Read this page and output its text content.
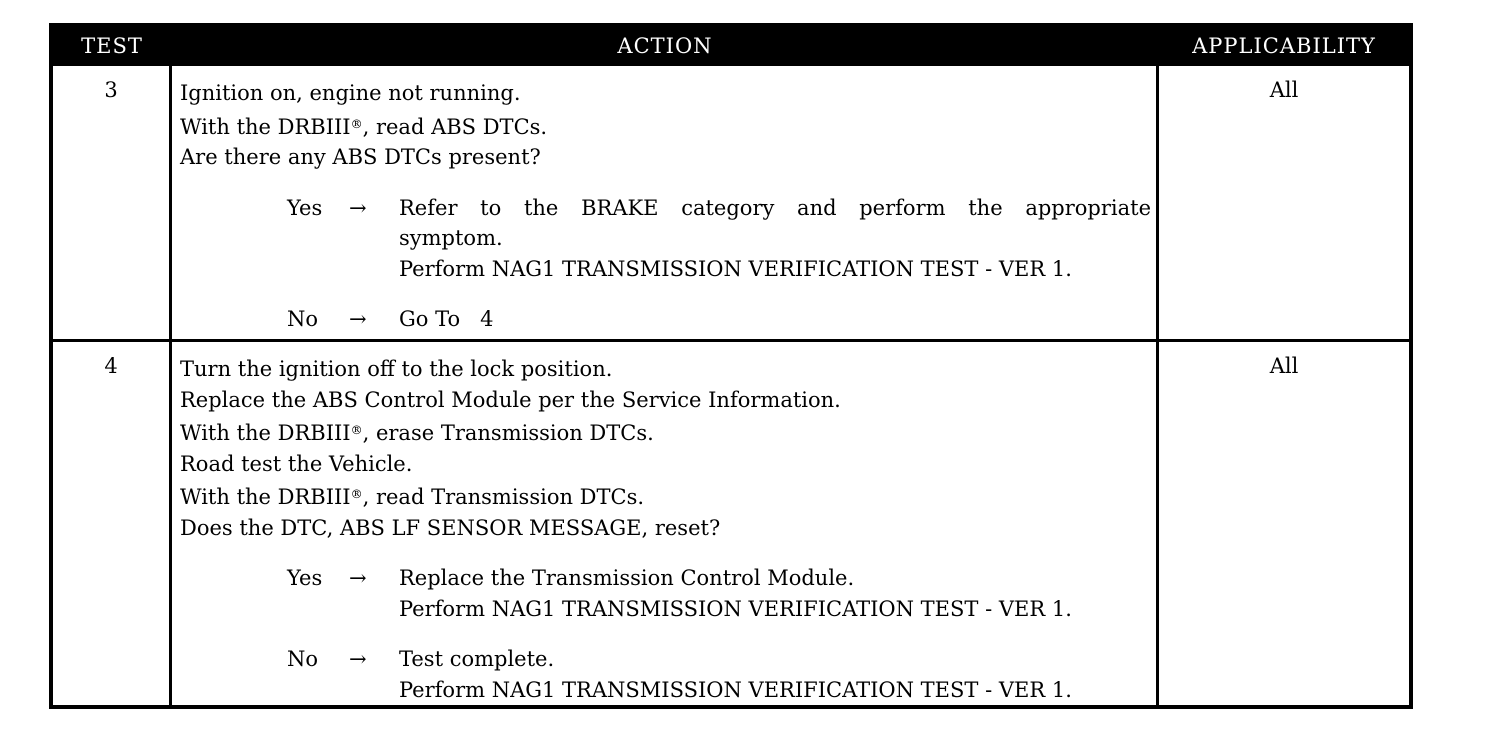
TEST	ACTION	APPLICABILITY
3	Ignition on, engine not running.
With the DRBIII®, read ABS DTCs.
Are there any ABS DTCs present?
Yes	→	Refer to the BRAKE category and perform the appropriate
symptom.
Perform NAG1 TRANSMISSION VERIFICATION TEST - VER 1.
No	→	Go To   4
All
4	Turn the ignition off to the lock position.
Replace the ABS Control Module per the Service Information.
With the DRBIII®, erase Transmission DTCs.
Road test the Vehicle.
With the DRBIII®, read Transmission DTCs.
Does the DTC, ABS LF SENSOR MESSAGE, reset?
Yes	→	Replace the Transmission Control Module.
Perform NAG1 TRANSMISSION VERIFICATION TEST - VER 1.
No	→	Test complete.
Perform NAG1 TRANSMISSION VERIFICATION TEST - VER 1.
All
